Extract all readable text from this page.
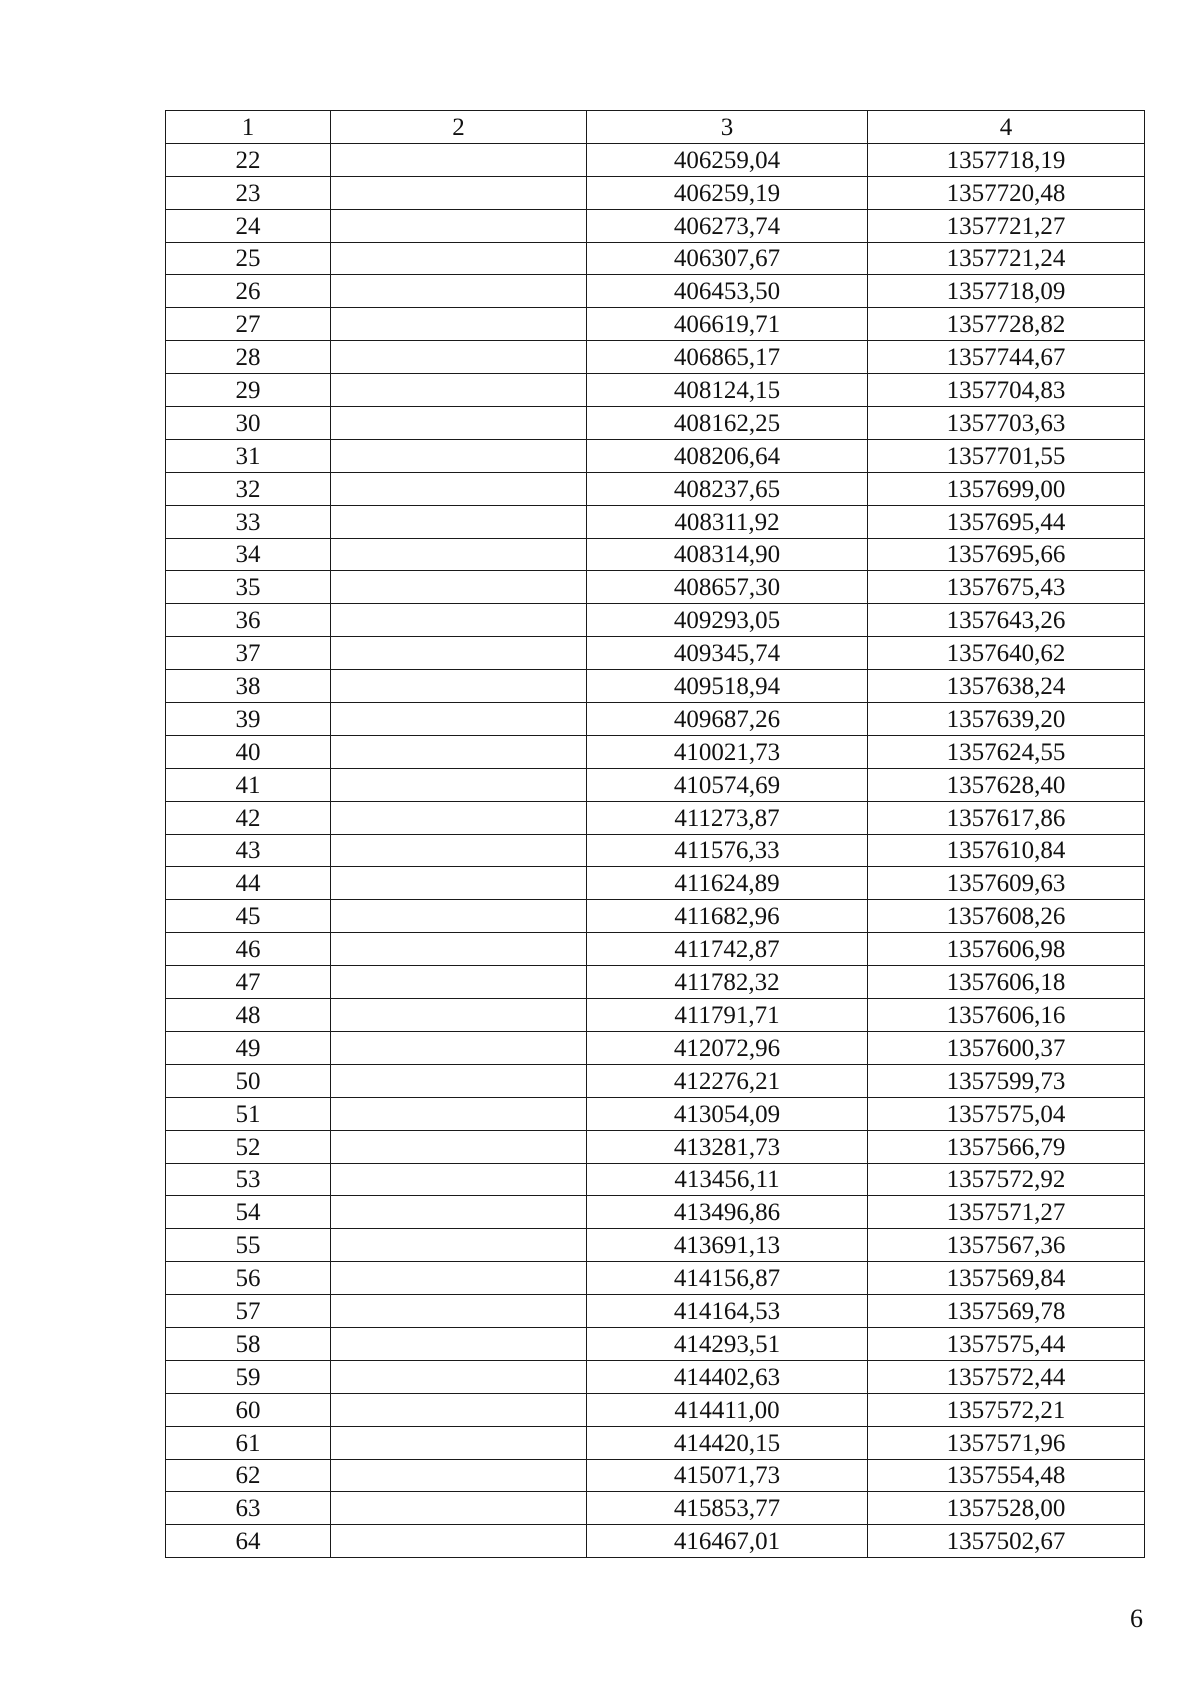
1	2	3	4
22		406259,04	1357718,19
23		406259,19	1357720,48
24		406273,74	1357721,27
25		406307,67	1357721,24
26		406453,50	1357718,09
27		406619,71	1357728,82
28		406865,17	1357744,67
29		408124,15	1357704,83
30		408162,25	1357703,63
31		408206,64	1357701,55
32		408237,65	1357699,00
33		408311,92	1357695,44
34		408314,90	1357695,66
35		408657,30	1357675,43
36		409293,05	1357643,26
37		409345,74	1357640,62
38		409518,94	1357638,24
39		409687,26	1357639,20
40		410021,73	1357624,55
41		410574,69	1357628,40
42		411273,87	1357617,86
43		411576,33	1357610,84
44		411624,89	1357609,63
45		411682,96	1357608,26
46		411742,87	1357606,98
47		411782,32	1357606,18
48		411791,71	1357606,16
49		412072,96	1357600,37
50		412276,21	1357599,73
51		413054,09	1357575,04
52		413281,73	1357566,79
53		413456,11	1357572,92
54		413496,86	1357571,27
55		413691,13	1357567,36
56		414156,87	1357569,84
57		414164,53	1357569,78
58		414293,51	1357575,44
59		414402,63	1357572,44
60		414411,00	1357572,21
61		414420,15	1357571,96
62		415071,73	1357554,48
63		415853,77	1357528,00
64		416467,01	1357502,67
6
